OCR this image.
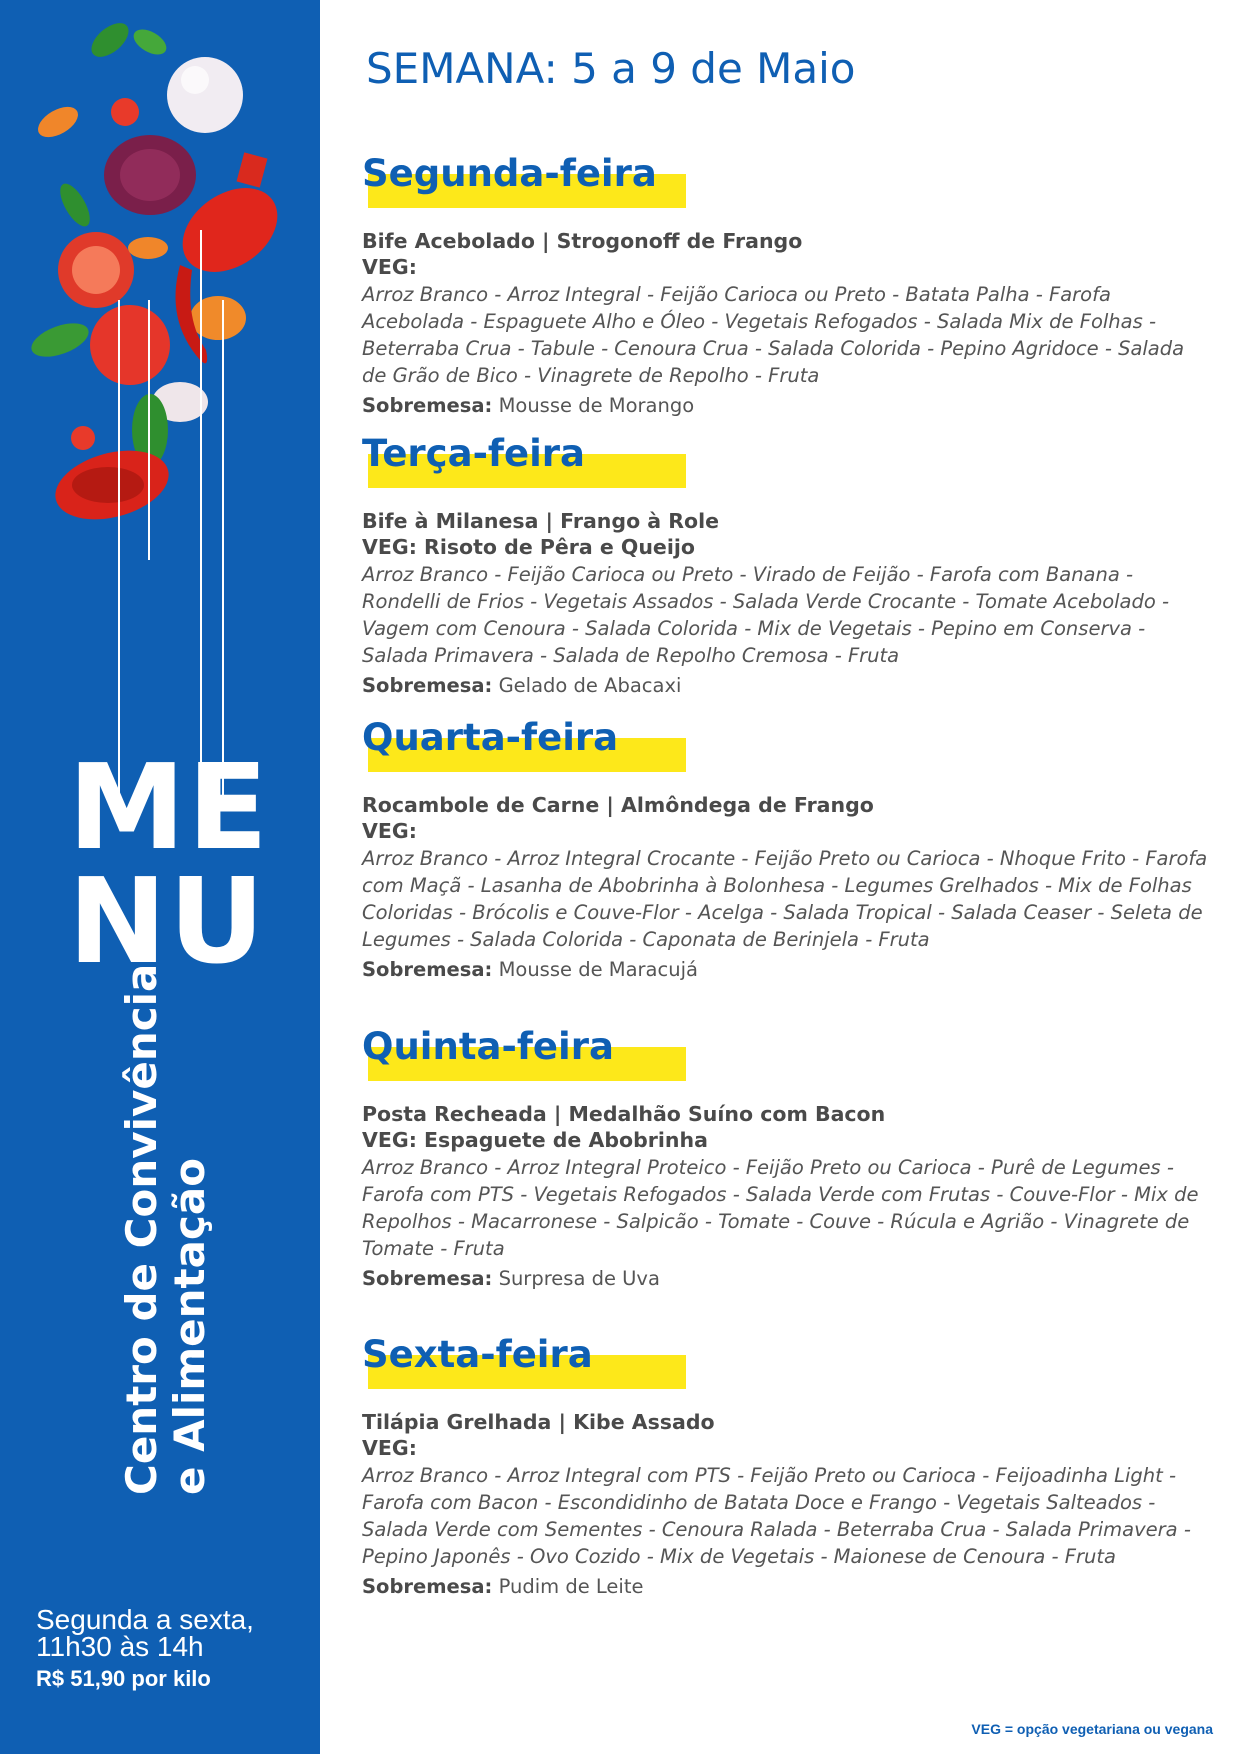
ME
NU
Centro de Convivência e Alimentação
Segunda a sexta,
11h30 às 14h
R$ 51,90 por kilo
SEMANA: 5 a 9 de Maio
Segunda-feira
Bife Acebolado | Strogonoff de Frango
VEG:

Arroz Branco - Arroz Integral - Feijão Carioca ou Preto - Batata Palha - Farofa Acebolada - Espaguete Alho e Óleo - Vegetais Refogados - Salada Mix de Folhas - Beterraba Crua - Tabule - Cenoura Crua - Salada Colorida - Pepino Agridoce - Salada de Grão de Bico - Vinagrete de Repolho - Fruta

Sobremesa: Mousse de Morango
Terça-feira
Bife à Milanesa | Frango à Role
VEG: Risoto de Pêra e Queijo

Arroz Branco - Feijão Carioca ou Preto - Virado de Feijão - Farofa com Banana - Rondelli de Frios - Vegetais Assados - Salada Verde Crocante - Tomate Acebolado - Vagem com Cenoura - Salada Colorida - Mix de Vegetais - Pepino em Conserva - Salada Primavera - Salada de Repolho Cremosa - Fruta

Sobremesa: Gelado de Abacaxi
Quarta-feira
Rocambole de Carne | Almôndega de Frango
VEG:

Arroz Branco - Arroz Integral Crocante - Feijão Preto ou Carioca - Nhoque Frito - Farofa com Maçã - Lasanha de Abobrinha à Bolonhesa - Legumes Grelhados - Mix de Folhas Coloridas - Brócolis e Couve-Flor - Acelga - Salada Tropical - Salada Ceaser - Seleta de Legumes - Salada Colorida - Caponata de Berinjela - Fruta

Sobremesa: Mousse de Maracujá
Quinta-feira
Posta Recheada | Medalhão Suíno com Bacon
VEG: Espaguete de Abobrinha

Arroz Branco - Arroz Integral Proteico - Feijão Preto ou Carioca - Purê de Legumes - Farofa com PTS - Vegetais Refogados - Salada Verde com Frutas - Couve-Flor - Mix de Repolhos - Macarronese - Salpicão - Tomate - Couve - Rúcula e Agrião - Vinagrete de Tomate - Fruta

Sobremesa: Surpresa de Uva
Sexta-feira
Tilápia Grelhada | Kibe Assado
VEG:

Arroz Branco - Arroz Integral com PTS - Feijão Preto ou Carioca - Feijoadinha Light - Farofa com Bacon - Escondidinho de Batata Doce e Frango - Vegetais Salteados - Salada Verde com Sementes - Cenoura Ralada - Beterraba Crua - Salada Primavera - Pepino Japonês - Ovo Cozido - Mix de Vegetais - Maionese de Cenoura - Fruta

Sobremesa: Pudim de Leite
VEG = opção vegetariana ou vegana
